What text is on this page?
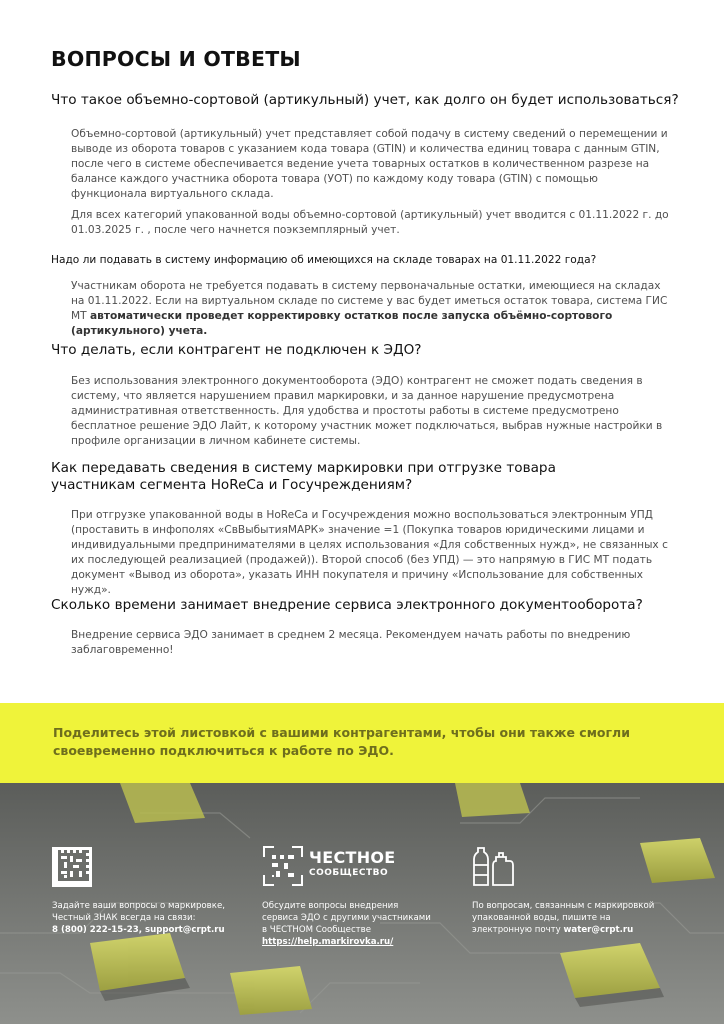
ВОПРОСЫ И ОТВЕТЫ
Что такое объемно-сортовой (артикульный) учет, как долго он будет использоваться?

Объемно-сортовой (артикульный) учет представляет собой подачу в систему сведений о перемещении и выводе из оборота товаров с указанием кода товара (GTIN) и количества единиц товара с данным GTIN, после чего в системе обеспечивается ведение учета товарных остатков в количественном разрезе на балансе каждого участника оборота товара (УОТ) по каждому коду товара (GTIN) с помощью функционала виртуального склада.

Для всех категорий упакованной воды объемно-сортовой (артикульный) учет вводится с 01.11.2022 г. до 01.03.2025 г. , после чего начнется поэкземплярный учет.

Надо ли подавать в систему информацию об имеющихся на складе товарах на 01.11.2022 года?

Участникам оборота не требуется подавать в систему первоначальные остатки, имеющиеся на складах на 01.11.2022. Если на виртуальном складе по системе у вас будет иметься остаток товара, система ГИС МТ автоматически проведет корректировку остатков после запуска объёмно-сортового (артикульного) учета.

Что делать, если контрагент не подключен к ЭДО?

Без использования электронного документооборота (ЭДО) контрагент не сможет подать сведения в систему, что является нарушением правил маркировки, и за данное нарушение предусмотрена административная ответственность. Для удобства и простоты работы в системе предусмотрено бесплатное решение ЭДО Лайт, к которому участник может подключаться, выбрав нужные настройки в профиле организации в личном кабинете системы.

Как передавать сведения в систему маркировки при отгрузке товара участникам сегмента HoReCa и Госучреждениям?

При отгрузке упакованной воды в HoReCa и Госучреждения можно воспользоваться электронным УПД (проставить в инфополях «СвВыбытияМАРК» значение =1 (Покупка товаров юридическими лицами и индивидуальными предпринимателями в целях использования «Для собственных нужд», не связанных с их последующей реализацией (продажей)). Второй способ (без УПД) — это напрямую в ГИС МТ подать документ «Вывод из оборота», указать ИНН покупателя и причину «Использование для собственных нужд».

Сколько времени занимает внедрение сервиса электронного документооборота?

Внедрение сервиса ЭДО занимает в среднем 2 месяца. Рекомендуем начать работы по внедрению заблаговременно!

Поделитесь этой листовкой с вашими контрагентами, чтобы они также смогли своевременно подключиться к работе по ЭДО.

Задайте ваши вопросы о маркировке,

Честный ЗНАК всегда на связи:

8 (800) 222-15-23, support@crpt.ru

ЧЕСТНОЕ
СООБЩЕСТВО

Обсудите вопросы внедрения

сервиса ЭДО с другими участниками

в ЧЕСТНОМ Сообществе

https://help.markirovka.ru/

По вопросам, связанным с маркировкой

упакованной воды, пишите на

электронную почту water@crpt.ru
